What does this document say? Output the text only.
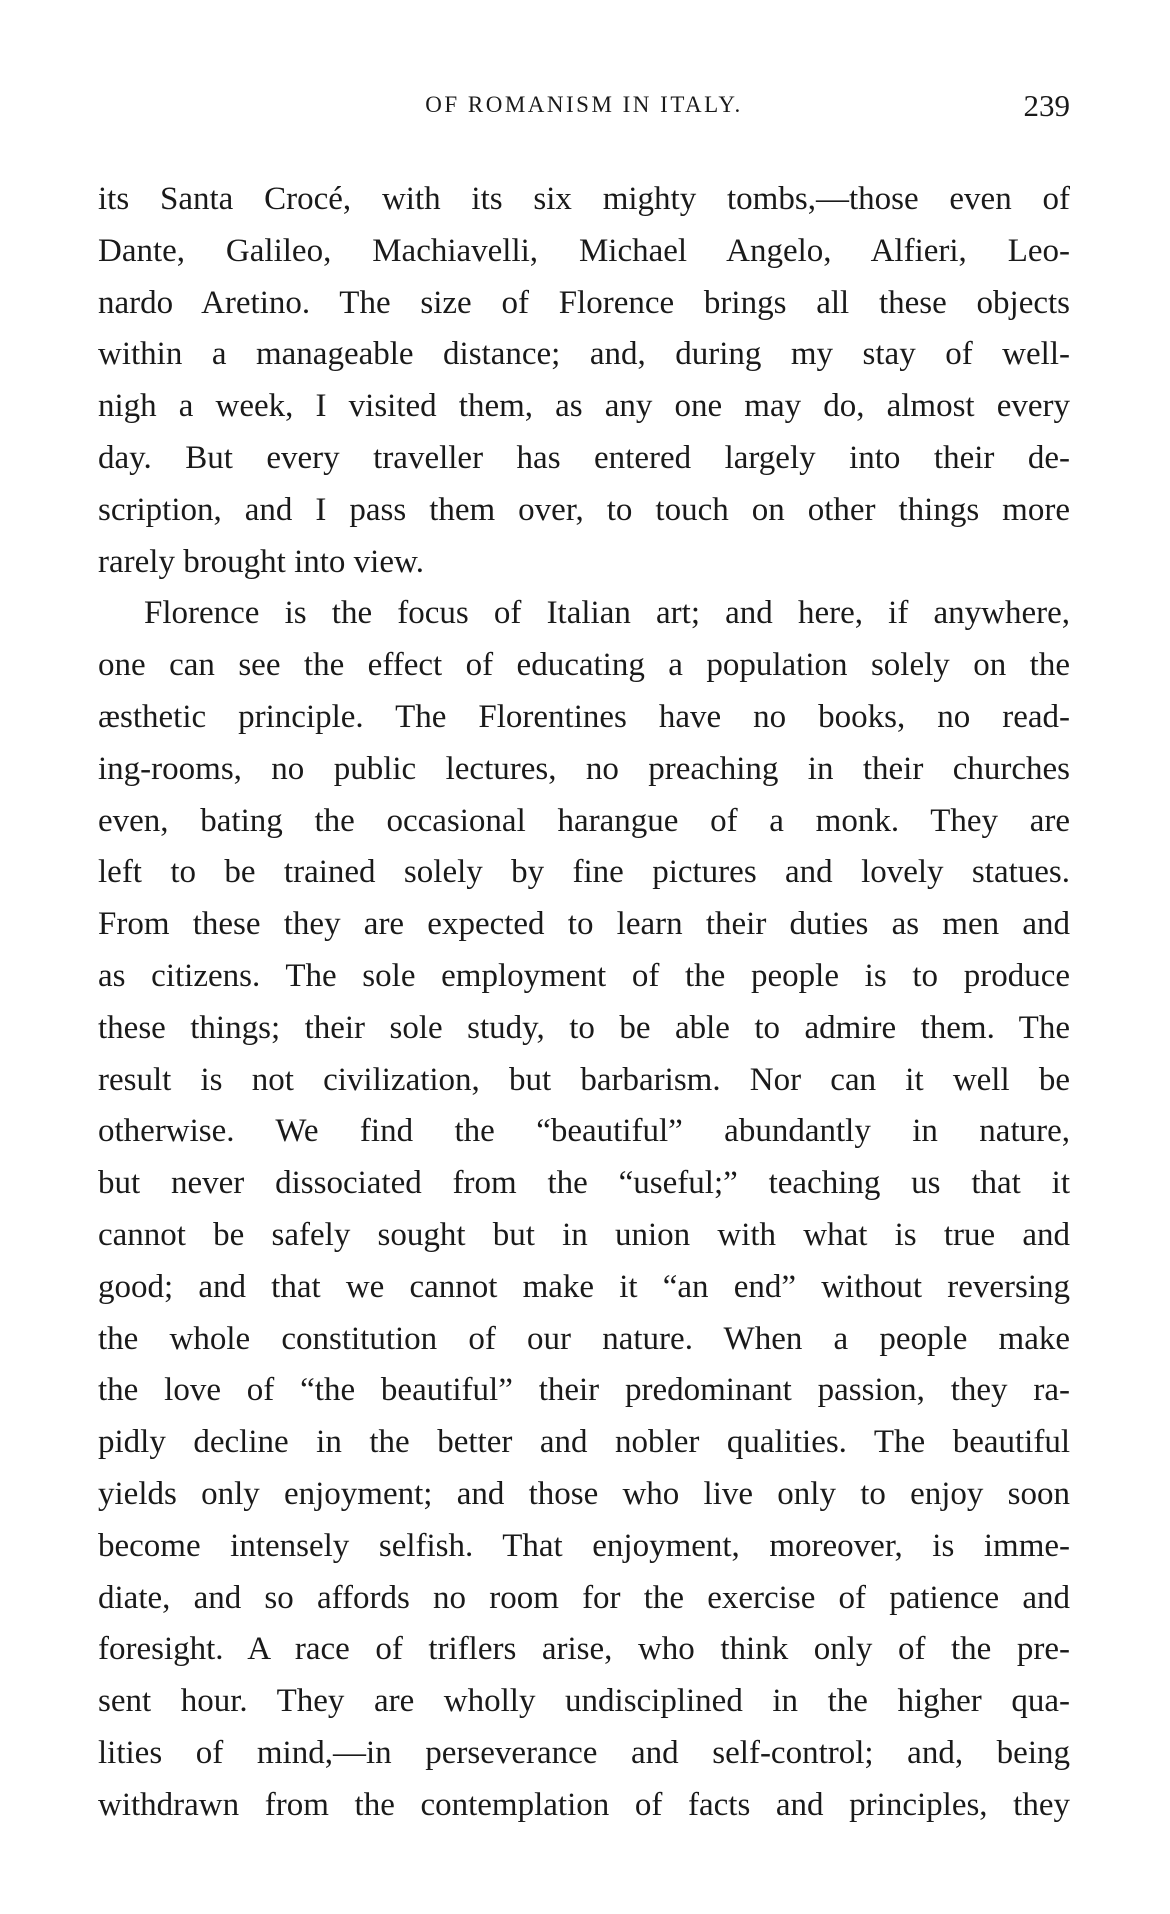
OF ROMANISM IN ITALY.	239

its Santa Crocé, with its six mighty tombs,—those even of
Dante, Galileo, Machiavelli, Michael Angelo, Alfieri, Leo-
nardo Aretino. The size of Florence brings all these objects
within a manageable distance; and, during my stay of well-
nigh a week, I visited them, as any one may do, almost every
day. But every traveller has entered largely into their de-
scription, and I pass them over, to touch on other things more
rarely brought into view.

Florence is the focus of Italian art; and here, if anywhere,
one can see the effect of educating a population solely on the
æsthetic principle. The Florentines have no books, no read-
ing-rooms, no public lectures, no preaching in their churches
even, bating the occasional harangue of a monk. They are
left to be trained solely by fine pictures and lovely statues.
From these they are expected to learn their duties as men and
as citizens. The sole employment of the people is to produce
these things; their sole study, to be able to admire them. The
result is not civilization, but barbarism. Nor can it well be
otherwise. We find the “beautiful” abundantly in nature,
but never dissociated from the “useful;” teaching us that it
cannot be safely sought but in union with what is true and
good; and that we cannot make it “an end” without reversing
the whole constitution of our nature. When a people make
the love of “the beautiful” their predominant passion, they ra-
pidly decline in the better and nobler qualities. The beautiful
yields only enjoyment; and those who live only to enjoy soon
become intensely selfish. That enjoyment, moreover, is imme-
diate, and so affords no room for the exercise of patience and
foresight. A race of triflers arise, who think only of the pre-
sent hour. They are wholly undisciplined in the higher qua-
lities of mind,—in perseverance and self-control; and, being
withdrawn from the contemplation of facts and principles, they
